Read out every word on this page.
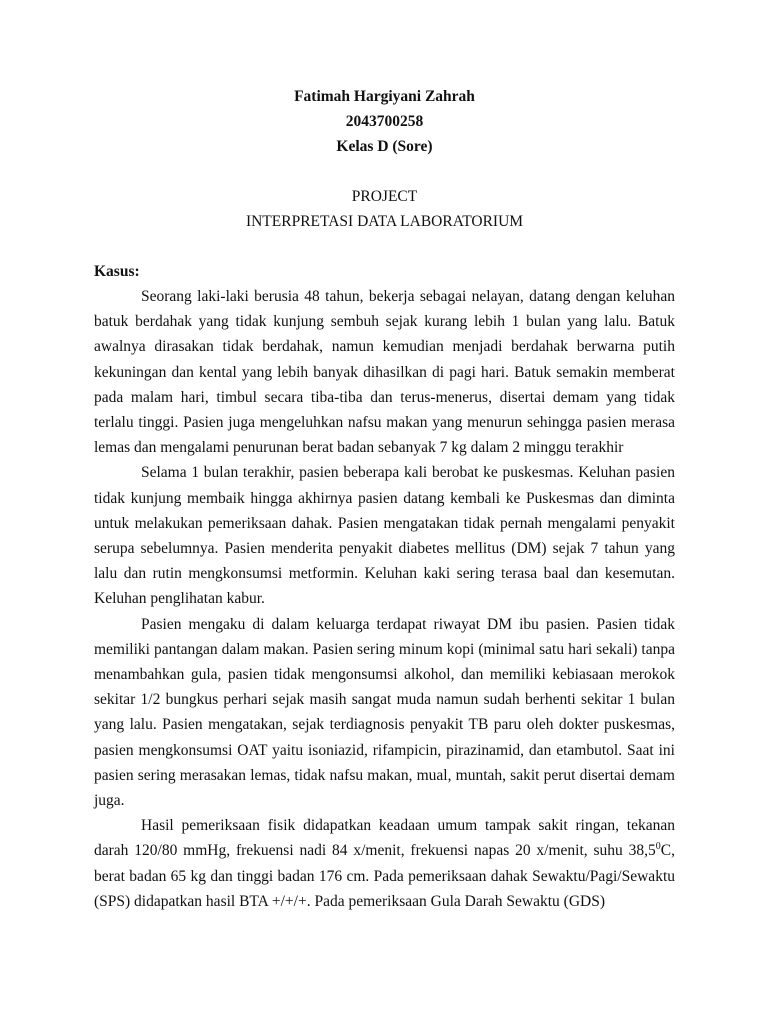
Fatimah Hargiyani Zahrah
2043700258
Kelas D (Sore)
PROJECT
INTERPRETASI DATA LABORATORIUM
Kasus:

Seorang laki-laki berusia 48 tahun, bekerja sebagai nelayan, datang dengan keluhan batuk berdahak yang tidak kunjung sembuh sejak kurang lebih 1 bulan yang lalu. Batuk awalnya dirasakan tidak berdahak, namun kemudian menjadi berdahak berwarna putih kekuningan dan kental yang lebih banyak dihasilkan di pagi hari. Batuk semakin memberat pada malam hari, timbul secara tiba-tiba dan terus-menerus, disertai demam yang tidak terlalu tinggi. Pasien juga mengeluhkan nafsu makan yang menurun sehingga pasien merasa lemas dan mengalami penurunan berat badan sebanyak 7 kg dalam 2 minggu terakhir

Selama 1 bulan terakhir, pasien beberapa kali berobat ke puskesmas. Keluhan pasien tidak kunjung membaik hingga akhirnya pasien datang kembali ke Puskesmas dan diminta untuk melakukan pemeriksaan dahak. Pasien mengatakan tidak pernah mengalami penyakit serupa sebelumnya. Pasien menderita penyakit diabetes mellitus (DM) sejak 7 tahun yang lalu dan rutin mengkonsumsi metformin. Keluhan kaki sering terasa baal dan kesemutan. Keluhan penglihatan kabur.

Pasien mengaku di dalam keluarga terdapat riwayat DM ibu pasien. Pasien tidak memiliki pantangan dalam makan. Pasien sering minum kopi (minimal satu hari sekali) tanpa menambahkan gula, pasien tidak mengonsumsi alkohol, dan memiliki kebiasaan merokok sekitar 1/2 bungkus perhari sejak masih sangat muda namun sudah berhenti sekitar 1 bulan yang lalu. Pasien mengatakan, sejak terdiagnosis penyakit TB paru oleh dokter puskesmas, pasien mengkonsumsi OAT yaitu isoniazid, rifampicin, pirazinamid, dan etambutol. Saat ini pasien sering merasakan lemas, tidak nafsu makan, mual, muntah, sakit perut disertai demam juga.

Hasil pemeriksaan fisik didapatkan keadaan umum tampak sakit ringan, tekanan darah 120/80 mmHg, frekuensi nadi 84 x/menit, frekuensi napas 20 x/menit, suhu 38,5$^0$C, berat badan 65 kg dan tinggi badan 176 cm. Pada pemeriksaan dahak Sewaktu/Pagi/Sewaktu (SPS) didapatkan hasil BTA +/+/+. Pada pemeriksaan Gula Darah Sewaktu (GDS)
